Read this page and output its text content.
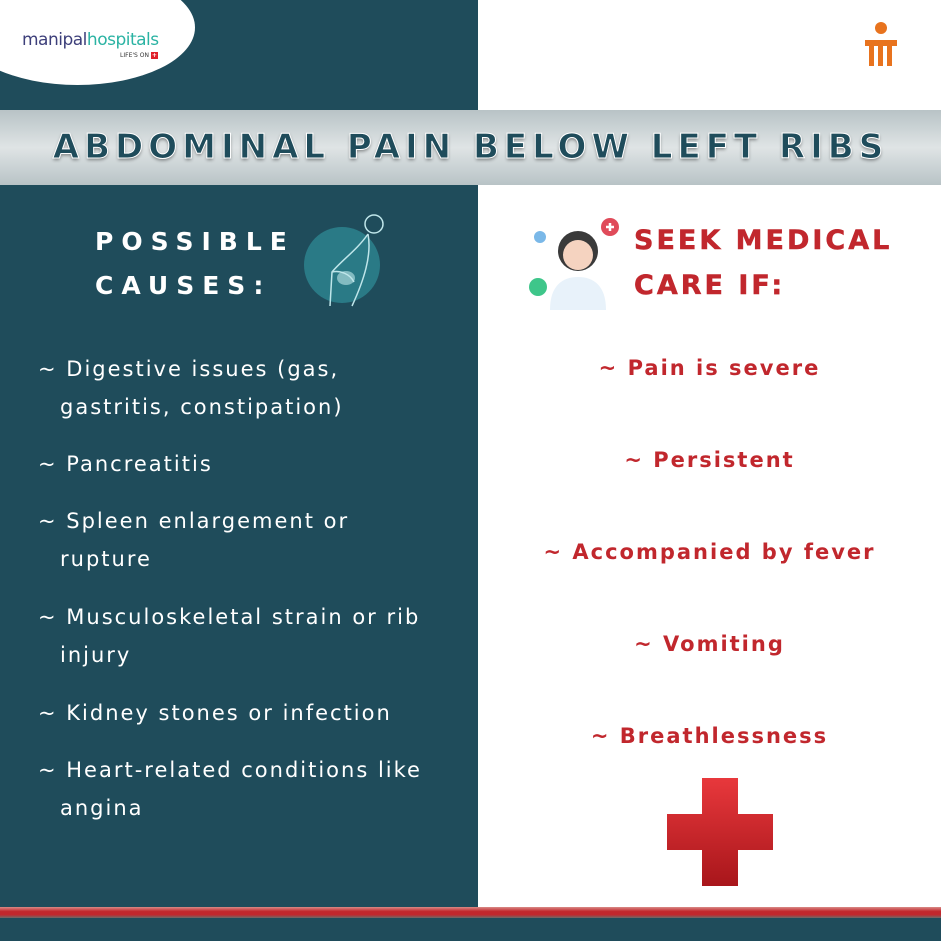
manipalhospitals
LIFE'S ON +
ABDOMINAL PAIN BELOW LEFT RIBS
POSSIBLE
CAUSES:
~ Digestive issues (gas, gastritis, constipation)
~ Pancreatitis
~ Spleen enlargement or rupture
~ Musculoskeletal strain or rib injury
~ Kidney stones or infection
~ Heart-related conditions like angina
SEEK MEDICAL
CARE IF:
~ Pain is severe
~ Persistent
~ Accompanied by fever
~ Vomiting
~ Breathlessness
